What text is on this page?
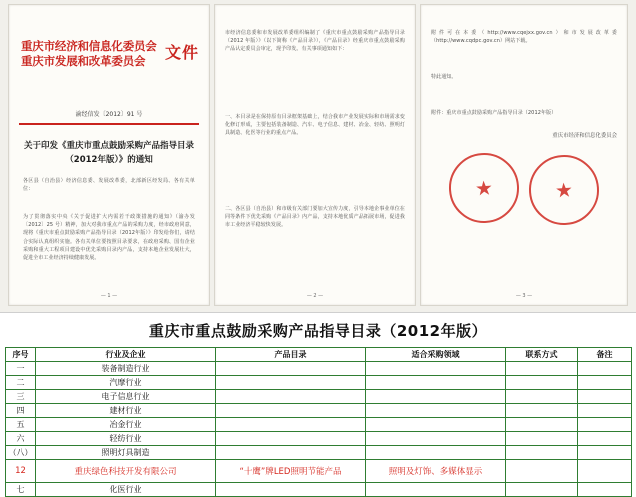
重庆市经济和信息化委员会
重庆市发展和改革委员会	文件
渝经信发〔2012〕91 号
关于印发《重庆市重点鼓励采购产品指导目录（2012年版）》的通知
各区县（自治县）经济信息委、发展改革委，北部新区经发局、各有关单位：
为了贯彻落实中央《关于促进扩大内需若干政策措施的通知》（渝办发〔2012〕25 号）精神，加大对我市重点产品的采购力度，经市政府同意，现将《重庆市重点鼓励采购产品指导目录（2012年版）》印发给你们，请结合实际认真组织实施。各有关单位要按照目录要求，在政府采购、国有企业采购和重大工程项目建设中优先采购目录内产品，支持本地企业发展壮大，促进全市工业经济持续健康发展。
— 1 —
市经济信息委和市发展改革委组织编制了《重庆市重点鼓励采购产品指导目录（2012 年版）》（以下简称《产品目录》），《产品目录》经重庆市重点鼓励采购产品认定委员会审定，现予印发。有关事项通知如下：
一、本目录是在保持原有目录框架基础上，结合我市产业发展实际和市场需求变化修订形成，主要包括装备制造、汽车、电子信息、建材、冶金、轻纺、照明灯具制造、化医等行业的重点产品。
二、各区县（自治县）和市级有关部门要加大宣传力度，引导本地企事业单位在同等条件下优先采购《产品目录》内产品，支持本地优质产品拓展市场，促进我市工业经济平稳较快发展。
— 2 —
附件可在本委（http://www.cqejxx.gov.cn）和市发展改革委（http://www.cqdpc.gov.cn）网站下载。
特此通知。
附件：重庆市重点鼓励采购产品指导目录（2012年版）
重庆市经济和信息化委员会
★	★
— 3 —
重庆市重点鼓励采购产品指导目录（2012年版）
序号	行业及企业	产品目录	适合采购领域	联系方式	备注
一	装备制造行业				
二	汽摩行业				
三	电子信息行业				
四	建材行业				
五	冶金行业				
六	轻纺行业				
（八）	照明灯具制造				
12	重庆绿色科技开发有限公司	“十鹰”牌LED照明节能产品	照明及灯饰、多媒体显示		
七	化医行业				
